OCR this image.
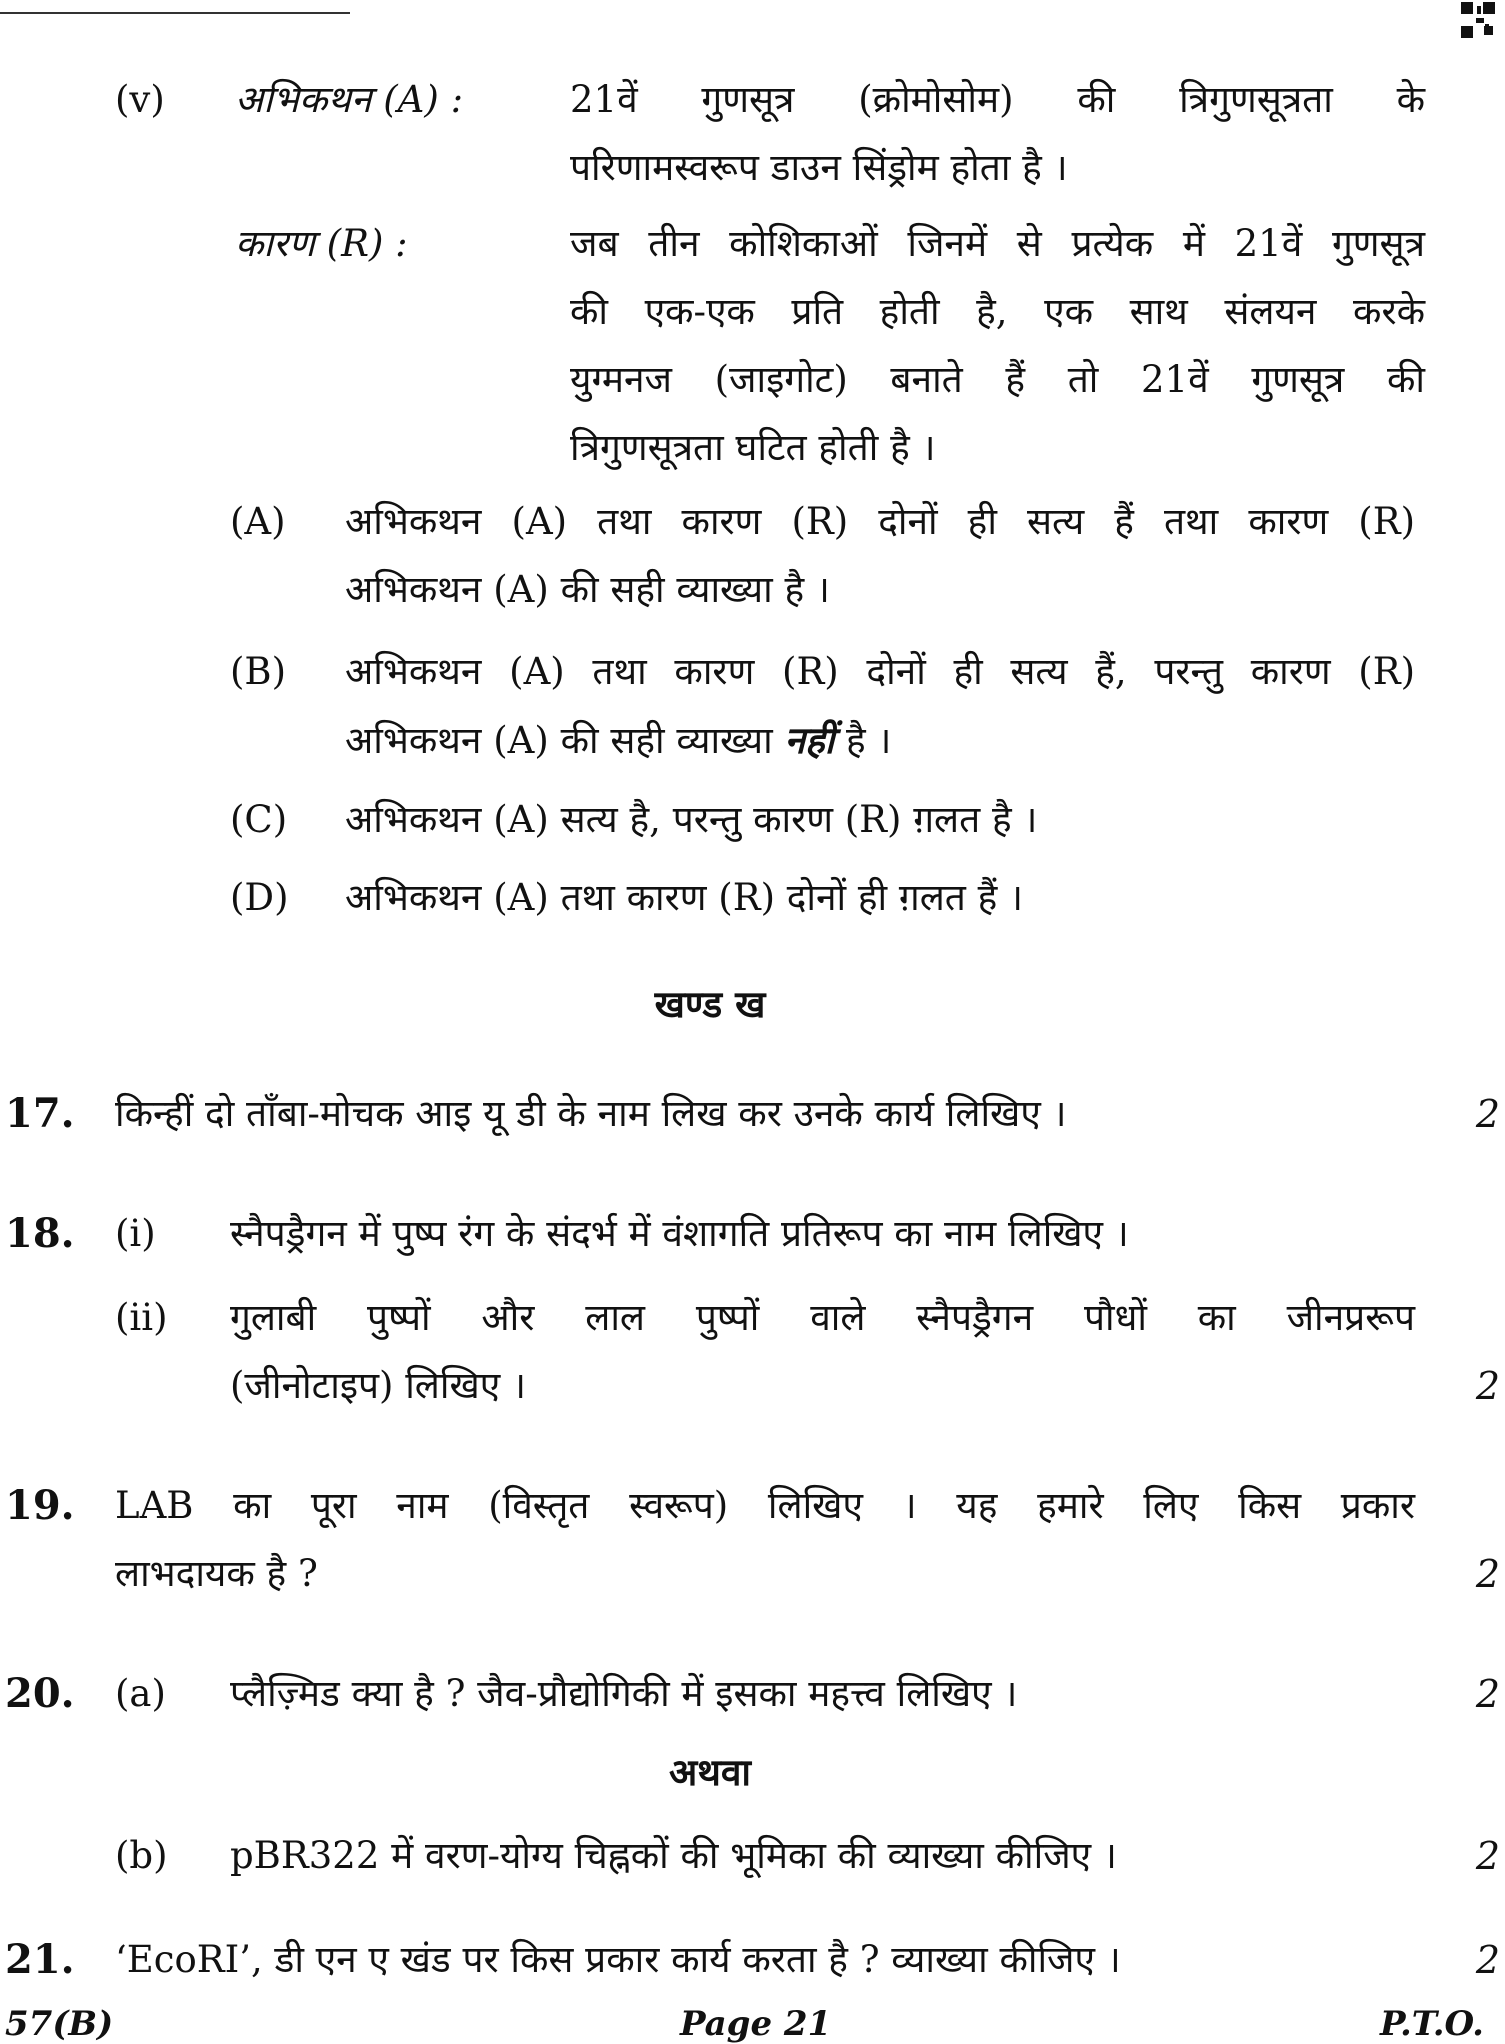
(v) अभिकथन (A) :	21वें गुणसूत्र (क्रोमोसोम) की त्रिगुणसूत्रता के
परिणामस्वरूप डाउन सिंड्रोम होता है ।
कारण (R) :	जब तीन कोशिकाओं जिनमें से प्रत्येक में 21वें गुणसूत्र
की एक-एक प्रति होती है, एक साथ संलयन करके
युग्मनज (जाइगोट) बनाते हैं तो 21वें गुणसूत्र की
त्रिगुणसूत्रता घटित होती है ।
(A) अभिकथन (A) तथा कारण (R) दोनों ही सत्य हैं तथा कारण (R)
अभिकथन (A) की सही व्याख्या है ।
(B) अभिकथन (A) तथा कारण (R) दोनों ही सत्य हैं, परन्तु कारण (R)
अभिकथन (A) की सही व्याख्या नहीं है ।
(C) अभिकथन (A) सत्य है, परन्तु कारण (R) ग़लत है ।
(D) अभिकथन (A) तथा कारण (R) दोनों ही ग़लत हैं ।
खण्ड ख
17. किन्हीं दो ताँबा-मोचक आइ यू डी के नाम लिख कर उनके कार्य लिखिए ।	2
18. (i) स्नैपड्रैगन में पुष्प रंग के संदर्भ में वंशागति प्रतिरूप का नाम लिखिए ।
(ii) गुलाबी पुष्पों और लाल पुष्पों वाले स्नैपड्रैगन पौधों का जीनप्ररूप
(जीनोटाइप) लिखिए ।	2
19. LAB का पूरा नाम (विस्तृत स्वरूप) लिखिए । यह हमारे लिए किस प्रकार
लाभदायक है ?	2
20. (a) प्लैज़्मिड क्या है ? जैव-प्रौद्योगिकी में इसका महत्त्व लिखिए ।	2
अथवा
(b) pBR322 में वरण-योग्य चिह्नकों की भूमिका की व्याख्या कीजिए ।	2
21. ‘EcoRI’, डी एन ए खंड पर किस प्रकार कार्य करता है ? व्याख्या कीजिए ।	2
57(B)	Page 21	P.T.O.
